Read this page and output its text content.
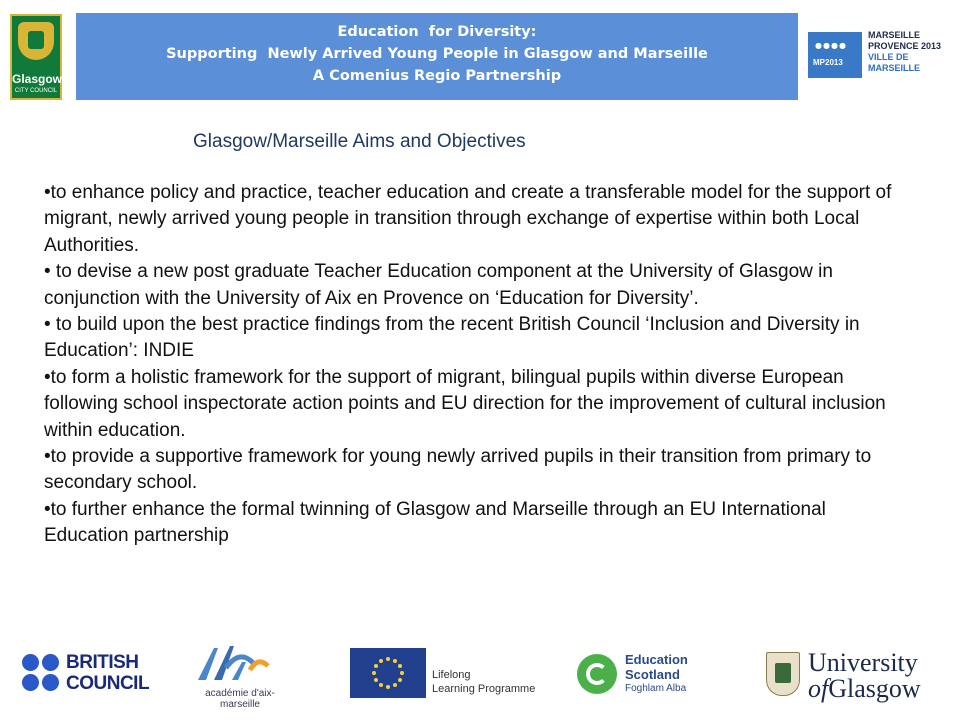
Glasgow
CITY COUNCIL
Education  for Diversity:
Supporting  Newly Arrived Young People in Glasgow and Marseille
A Comenius Regio Partnership
●●●●
MP2013
MARSEILLE
PROVENCE 2013
VILLE DE
MARSEILLE
Glasgow/Marseille Aims and Objectives
•to enhance policy and practice, teacher education and create a transferable model for the support of migrant, newly arrived young people in transition through exchange of expertise within both Local Authorities.
• to devise a new post graduate Teacher Education component at the University of Glasgow in conjunction with the University of Aix en Provence on ‘Education for Diversity’.
• to build upon the best practice findings from the recent British Council ‘Inclusion and Diversity in Education’: INDIE
•to form a holistic framework for the support of migrant, bilingual pupils within diverse European following school inspectorate action points and EU direction for the improvement of cultural inclusion within education.
•to provide a supportive framework for young newly arrived pupils in their transition from primary to secondary school.
•to further enhance the formal twinning of Glasgow and Marseille through an EU International Education partnership
BRITISH
COUNCIL	académie d'aix-marseille
Lifelong
Learning Programme
Education
Scotland
Foghlam Alba
University
ofGlasgow
